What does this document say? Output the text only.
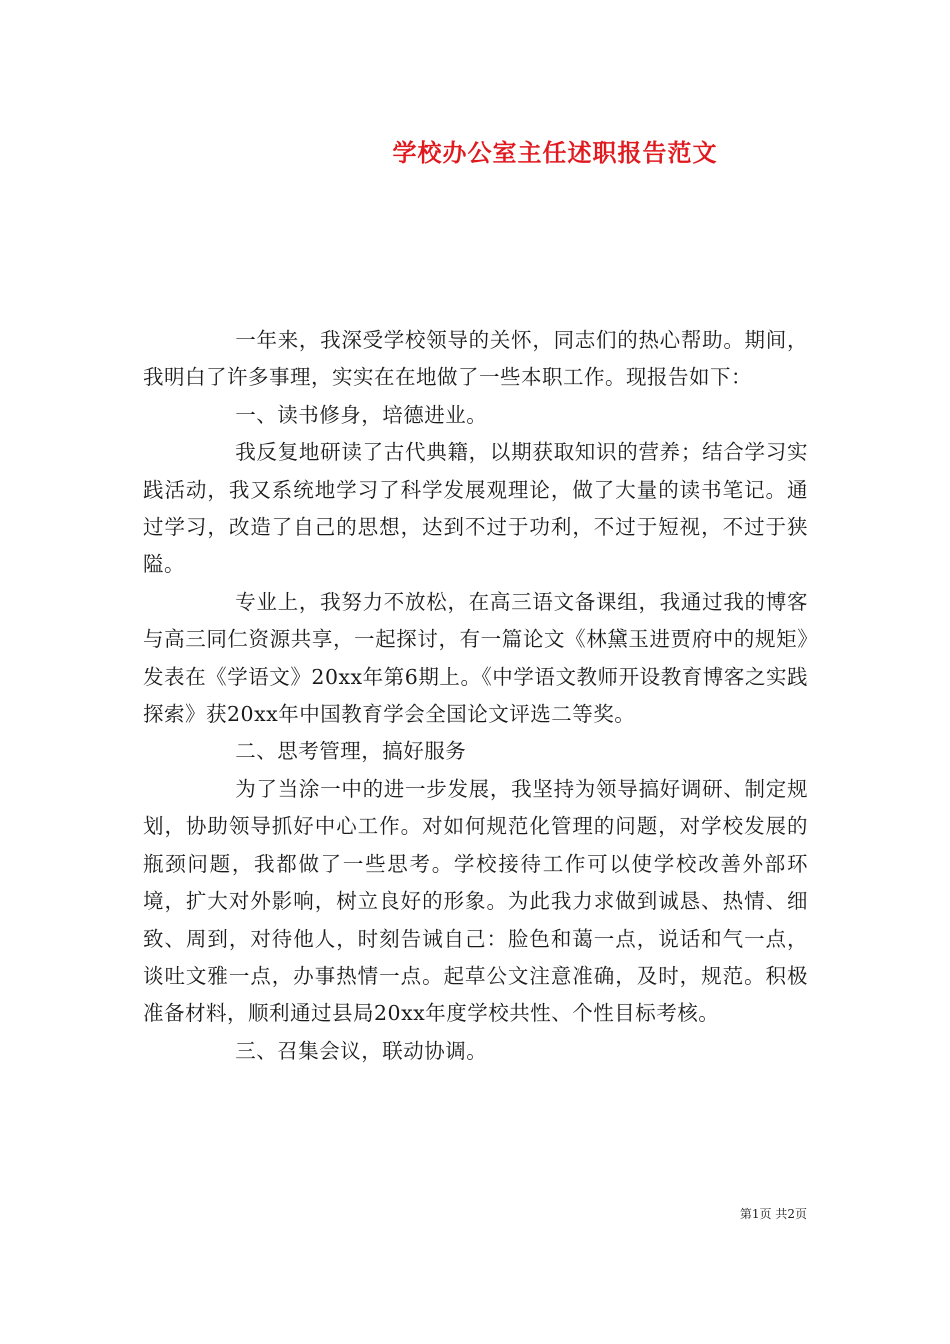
学校办公室主任述职报告范文

一年来，我深受学校领导的关怀，同志们的热心帮助。期间，我明白了许多事理，实实在在地做了一些本职工作。现报告如下：

一、读书修身，培德进业。

我反复地研读了古代典籍，以期获取知识的营养；结合学习实践活动，我又系统地学习了科学发展观理论，做了大量的读书笔记。通过学习，改造了自己的思想，达到不过于功利，不过于短视，不过于狭隘。

专业上，我努力不放松，在高三语文备课组，我通过我的博客与高三同仁资源共享，一起探讨，有一篇论文《林黛玉进贾府中的规矩》发表在《学语文》20xx年第6期上。《中学语文教师开设教育博客之实践探索》获20xx年中国教育学会全国论文评选二等奖。

二、思考管理，搞好服务

为了当涂一中的进一步发展，我坚持为领导搞好调研、制定规划，协助领导抓好中心工作。对如何规范化管理的问题，对学校发展的瓶颈问题，我都做了一些思考。学校接待工作可以使学校改善外部环境，扩大对外影响，树立良好的形象。为此我力求做到诚恳、热情、细致、周到，对待他人，时刻告诫自己：脸色和蔼一点，说话和气一点，谈吐文雅一点，办事热情一点。起草公文注意准确，及时，规范。积极准备材料，顺利通过县局20xx年度学校共性、个性目标考核。

三、召集会议，联动协调。

第1页 共2页
